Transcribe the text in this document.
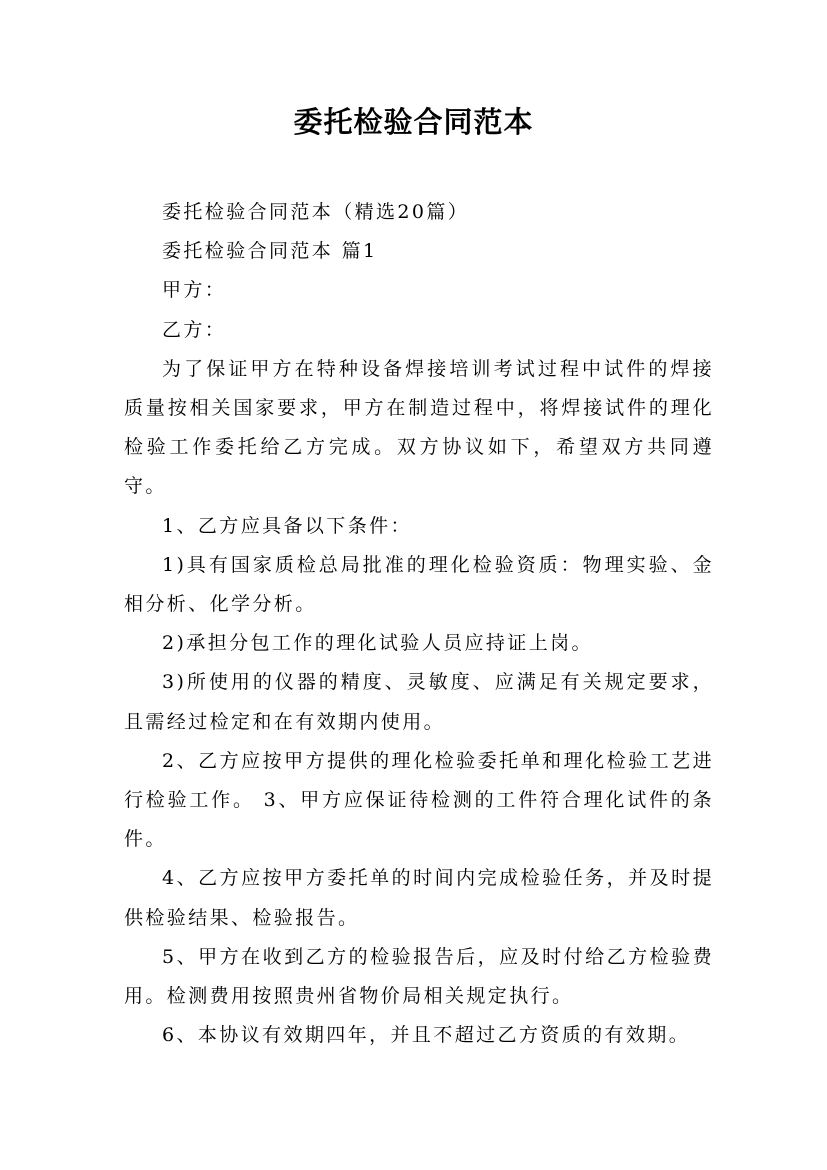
委托检验合同范本

委托检验合同范本（精选20篇）

委托检验合同范本 篇1

甲方：

乙方：

为了保证甲方在特种设备焊接培训考试过程中试件的焊接质量按相关国家要求，甲方在制造过程中，将焊接试件的理化检验工作委托给乙方完成。双方协议如下，希望双方共同遵守。

1、乙方应具备以下条件：

1)具有国家质检总局批准的理化检验资质：物理实验、金相分析、化学分析。

2)承担分包工作的理化试验人员应持证上岗。

3)所使用的仪器的精度、灵敏度、应满足有关规定要求，且需经过检定和在有效期内使用。

2、乙方应按甲方提供的理化检验委托单和理化检验工艺进行检验工作。 3、甲方应保证待检测的工件符合理化试件的条件。

4、乙方应按甲方委托单的时间内完成检验任务，并及时提供检验结果、检验报告。

5、甲方在收到乙方的检验报告后，应及时付给乙方检验费用。检测费用按照贵州省物价局相关规定执行。

6、本协议有效期四年，并且不超过乙方资质的有效期。
